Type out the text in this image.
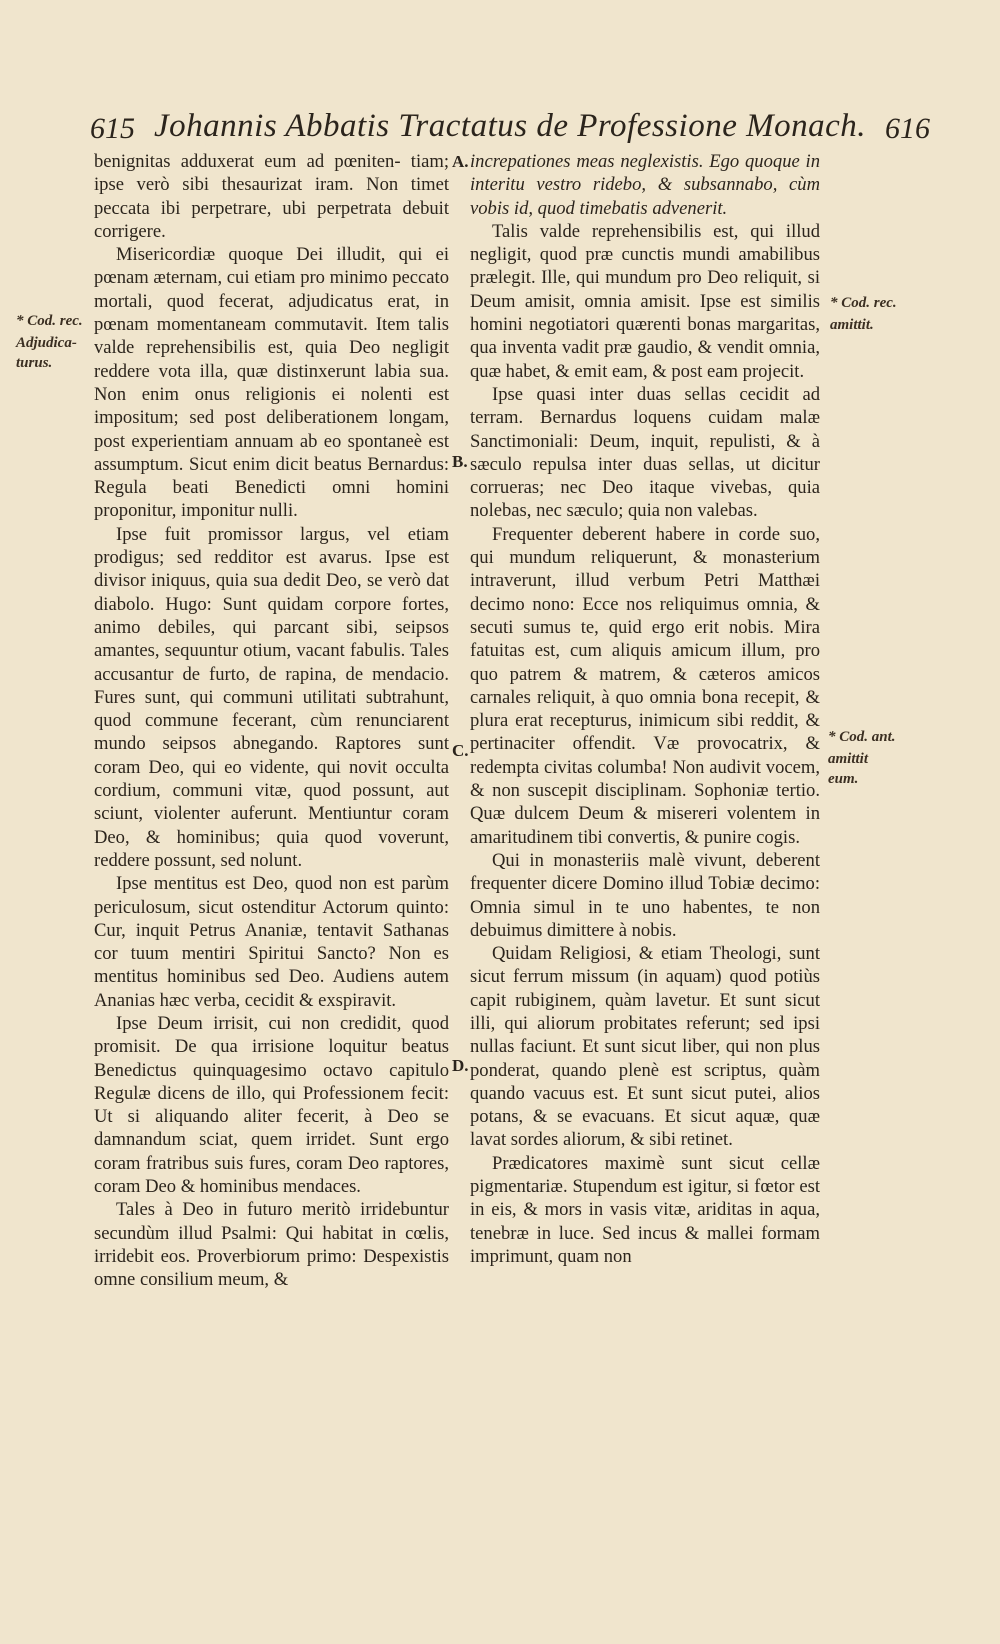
615 Johannis Abbatis Tractatus de Professione Monach. 616

benignitas adduxerat eum ad pœniten- tiam; ipse verò sibi thesaurizat iram. Non timet peccata ibi perpetrare, ubi perpetrata debuit corrigere.

Misericordiæ quoque Dei illudit, qui ei pœnam æternam, cui etiam pro minimo peccato mortali, quod fecerat, adjudicatus erat, in pœnam momentaneam commutavit. Item talis valde reprehensibilis est, quia Deo negligit reddere vota illa, quæ distinxerunt labia sua. Non enim onus religionis ei nolenti est impositum; sed post deliberationem longam, post experientiam annuam ab eo spontaneè est assumptum. Sicut enim dicit beatus Bernardus: Regula beati Benedicti omni homini proponitur, imponitur nulli.

Ipse fuit promissor largus, vel etiam prodigus; sed redditor est avarus. Ipse est divisor iniquus, quia sua dedit Deo, se verò dat diabolo. Hugo: Sunt quidam corpore fortes, animo debiles, qui parcant sibi, seipsos amantes, sequuntur otium, vacant fabulis. Tales accusantur de furto, de rapina, de mendacio. Fures sunt, qui communi utilitati subtrahunt, quod commune fecerant, cùm renunciarent mundo seipsos abnegando. Raptores sunt coram Deo, qui eo vidente, qui novit occulta cordium, communi vitæ, quod possunt, aut sciunt, violenter auferunt. Mentiuntur coram Deo, & hominibus; quia quod voverunt, reddere possunt, sed nolunt.

Ipse mentitus est Deo, quod non est parùm periculosum, sicut ostenditur Actorum quinto: Cur, inquit Petrus Ananiæ, tentavit Sathanas cor tuum mentiri Spiritui Sancto? Non es mentitus hominibus sed Deo. Audiens autem Ananias hæc verba, cecidit & exspiravit.

Ipse Deum irrisit, cui non credidit, quod promisit. De qua irrisione loquitur beatus Benedictus quinquagesimo octavo capitulo Regulæ dicens de illo, qui Professionem fecit: Ut si aliquando aliter fecerit, à Deo se damnandum sciat, quem irridet. Sunt ergo coram fratribus suis fures, coram Deo raptores, coram Deo & hominibus mendaces.

Tales à Deo in futuro meritò irridebuntur secundùm illud Psalmi: Qui habitat in cœlis, irridebit eos. Proverbiorum primo: Despexistis omne consilium meum, &

increpationes meas neglexistis. Ego quoque in interitu vestro ridebo, & subsannabo, cùm vobis id, quod timebatis advenerit.

Talis valde reprehensibilis est, qui illud negligit, quod præ cunctis mundi amabilibus prælegit. Ille, qui mundum pro Deo reliquit, si Deum amisit, omnia amisit. Ipse est similis homini negotiatori quærenti bonas margaritas, qua inventa vadit præ gaudio, & vendit omnia, quæ habet, & emit eam, & post eam projecit.

Ipse quasi inter duas sellas cecidit ad terram. Bernardus loquens cuidam malæ Sanctimoniali: Deum, inquit, repulisti, & à sæculo repulsa inter duas sellas, ut dicitur corrueras; nec Deo itaque vivebas, quia nolebas, nec sæculo; quia non valebas.

Frequenter deberent habere in corde suo, qui mundum reliquerunt, & monasterium intraverunt, illud verbum Petri Matthæi decimo nono: Ecce nos reliquimus omnia, & secuti sumus te, quid ergo erit nobis. Mira fatuitas est, cum aliquis amicum illum, pro quo patrem & matrem, & cæteros amicos carnales reliquit, à quo omnia bona recepit, & plura erat recepturus, inimicum sibi reddit, & pertinaciter offendit. Væ provocatrix, & redempta civitas columba! Non audivit vocem, & non suscepit disciplinam. Sophoniæ tertio. Quæ dulcem Deum & misereri volentem in amaritudinem tibi convertis, & punire cogis.

Qui in monasteriis malè vivunt, deberent frequenter dicere Domino illud Tobiæ decimo: Omnia simul in te uno habentes, te non debuimus dimittere à nobis.

Quidam Religiosi, & etiam Theologi, sunt sicut ferrum missum (in aquam) quod potiùs capit rubiginem, quàm lavetur. Et sunt sicut illi, qui aliorum probitates referunt; sed ipsi nullas faciunt. Et sunt sicut liber, qui non plus ponderat, quando plenè est scriptus, quàm quando vacuus est. Et sunt sicut putei, alios potans, & se evacuans. Et sicut aquæ, quæ lavat sordes aliorum, & sibi retinet.

Prædicatores maximè sunt sicut cellæ pigmentariæ. Stupendum est igitur, si fœtor est in eis, & mors in vasis vitæ, ariditas in aqua, tenebræ in luce. Sed incus & mallei formam imprimunt, quam non

* Cod. rec.
Adjudica-
turus.
* Cod. rec.
amittit.
* Cod. ant.
amittit
eum.
A.
B.
C.
D.
